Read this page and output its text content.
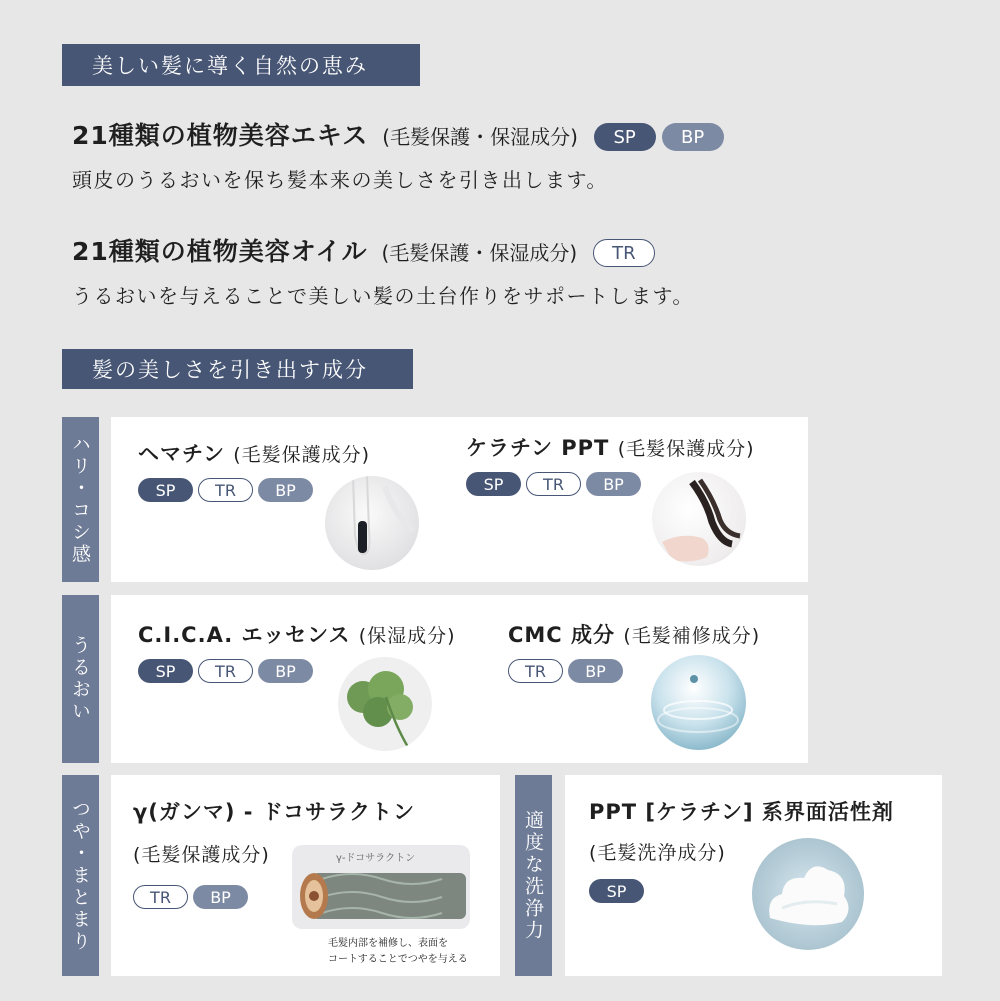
美しい髪に導く自然の恵み
21種類の植物美容エキス (毛髪保護・保湿成分)	SP	BP
頭皮のうるおいを保ち髪本来の美しさを引き出します。
21種類の植物美容オイル (毛髪保護・保湿成分)	TR
うるおいを与えることで美しい髪の土台作りをサポートします。
髪の美しさを引き出す成分
ハリ・コシ感 ヘマチン (毛髪保護成分)
SP	TR	BP
ケラチン PPT (毛髪保護成分)
SP	TR	BP
うるおい C.I.C.A. エッセンス (保湿成分)
SP	TR	BP
CMC 成分 (毛髪補修成分)
TR	BP
つや・まとまり γ(ガンマ) - ドコサラクトン
(毛髪保護成分)
TR	BP
γ-ドコサラクトン
毛髪内部を補修し、表面を
コートすることでつやを与える
適度な洗浄力 PPT [ケラチン] 系界面活性剤
(毛髪洗浄成分)
SP
